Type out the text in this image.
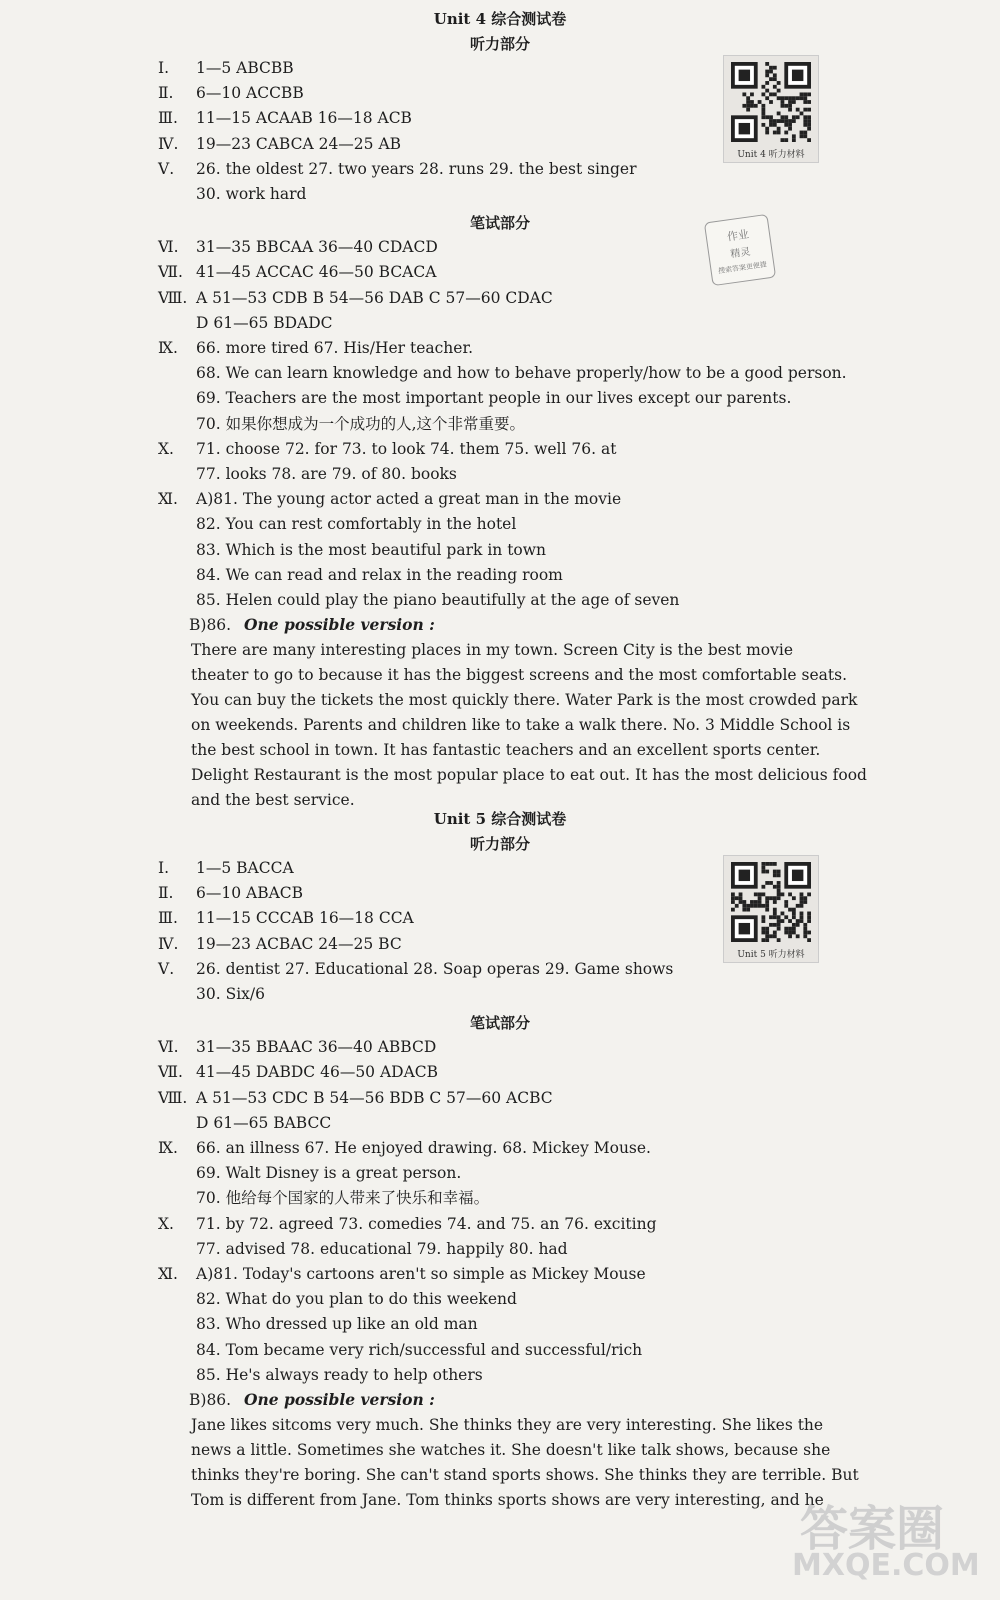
Unit 4 综合测试卷
听力部分
Unit 4 听力材料
Ⅰ.	1—5 ABCBB
Ⅱ.	6—10 ACCBB
Ⅲ.	11—15 ACAAB 16—18 ACB
Ⅳ.	19—23 CABCA 24—25 AB
Ⅴ.	26. the oldest 27. two years 28. runs 29. the best singer
30. work hard
笔试部分
Ⅵ.	31—35 BBCAA 36—40 CDACD
Ⅶ. 41—45 ACCAC 46—50 BCACA
Ⅷ. A 51—53 CDB B 54—56 DAB C 57—60 CDAC
D 61—65 BDADC
Ⅸ.	66. more tired 67. His/Her teacher.
68. We can learn knowledge and how to behave properly/how to be a good person.
69. Teachers are the most important people in our lives except our parents.
70. 如果你想成为一个成功的人,这个非常重要。
Ⅹ.	71. choose 72. for 73. to look 74. them 75. well 76. at
77. looks 78. are 79. of 80. books
Ⅺ.	A)81. The young actor acted a great man in the movie
82. You can rest comfortably in the hotel
83. Which is the most beautiful park in town
84. We can read and relax in the reading room
85. Helen could play the piano beautifully at the age of seven
B)86. One possible version :
There are many interesting places in my town. Screen City is the best movie
theater to go to because it has the biggest screens and the most comfortable seats.
You can buy the tickets the most quickly there. Water Park is the most crowded park
on weekends. Parents and children like to take a walk there. No. 3 Middle School is
the best school in town. It has fantastic teachers and an excellent sports center.
Delight Restaurant is the most popular place to eat out. It has the most delicious food
and the best service.
Unit 5 综合测试卷
听力部分
Unit 5 听力材料
Ⅰ.	1—5 BACCA
Ⅱ.	6—10 ABACB
Ⅲ.	11—15 CCCAB 16—18 CCA
Ⅳ.	19—23 ACBAC 24—25 BC
Ⅴ.	26. dentist 27. Educational 28. Soap operas 29. Game shows
30. Six/6
笔试部分
Ⅵ.	31—35 BBAAC 36—40 ABBCD
Ⅶ. 41—45 DABDC 46—50 ADACB
Ⅷ. A 51—53 CDC B 54—56 BDB C 57—60 ACBC
D 61—65 BABCC
Ⅸ.	66. an illness 67. He enjoyed drawing. 68. Mickey Mouse.
69. Walt Disney is a great person.
70. 他给每个国家的人带来了快乐和幸福。
Ⅹ.	71. by 72. agreed 73. comedies 74. and 75. an 76. exciting
77. advised 78. educational 79. happily 80. had
Ⅺ.	A)81. Today's cartoons aren't so simple as Mickey Mouse
82. What do you plan to do this weekend
83. Who dressed up like an old man
84. Tom became very rich/successful and successful/rich
85. He's always ready to help others
B)86. One possible version :
Jane likes sitcoms very much. She thinks they are very interesting. She likes the
news a little. Sometimes she watches it. She doesn't like talk shows, because she
thinks they're boring. She can't stand sports shows. She thinks they are terrible. But
Tom is different from Jane. Tom thinks sports shows are very interesting, and he
作业
精灵
搜索答案更便捷
答案圈
MXQE.COM
